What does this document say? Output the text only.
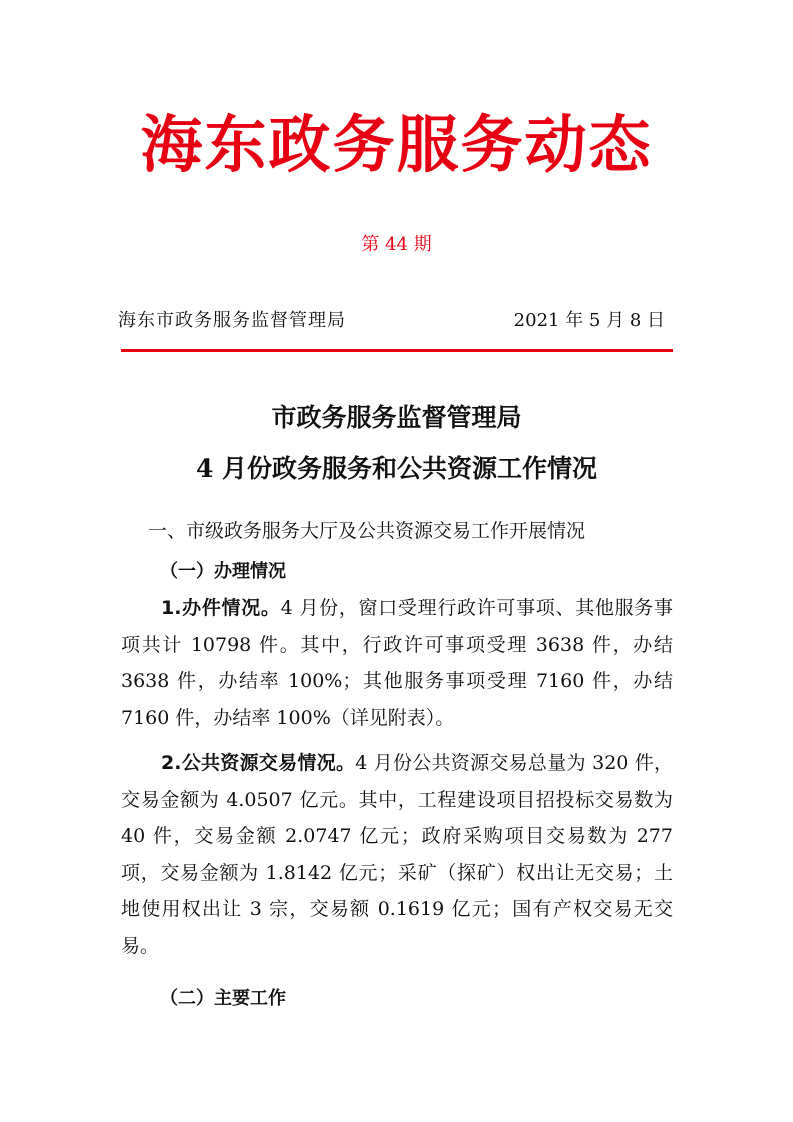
海东政务服务动态
第 44 期
海东市政务服务监督管理局	2021 年 5 月 8 日
市政务服务监督管理局
4 月份政务服务和公共资源工作情况
一、市级政务服务大厅及公共资源交易工作开展情况
（一）办理情况
1.办件情况。4 月份，窗口受理行政许可事项、其他服务事项共计 10798 件。其中，行政许可事项受理 3638 件，办结 3638 件，办结率 100%；其他服务事项受理 7160 件，办结 7160 件，办结率 100%（详见附表）。
2.公共资源交易情况。4 月份公共资源交易总量为 320 件，交易金额为 4.0507 亿元。其中，工程建设项目招投标交易数为 40 件，交易金额 2.0747 亿元；政府采购项目交易数为 277 项，交易金额为 1.8142 亿元；采矿（探矿）权出让无交易；土地使用权出让 3 宗，交易额 0.1619 亿元；国有产权交易无交易。
（二）主要工作
